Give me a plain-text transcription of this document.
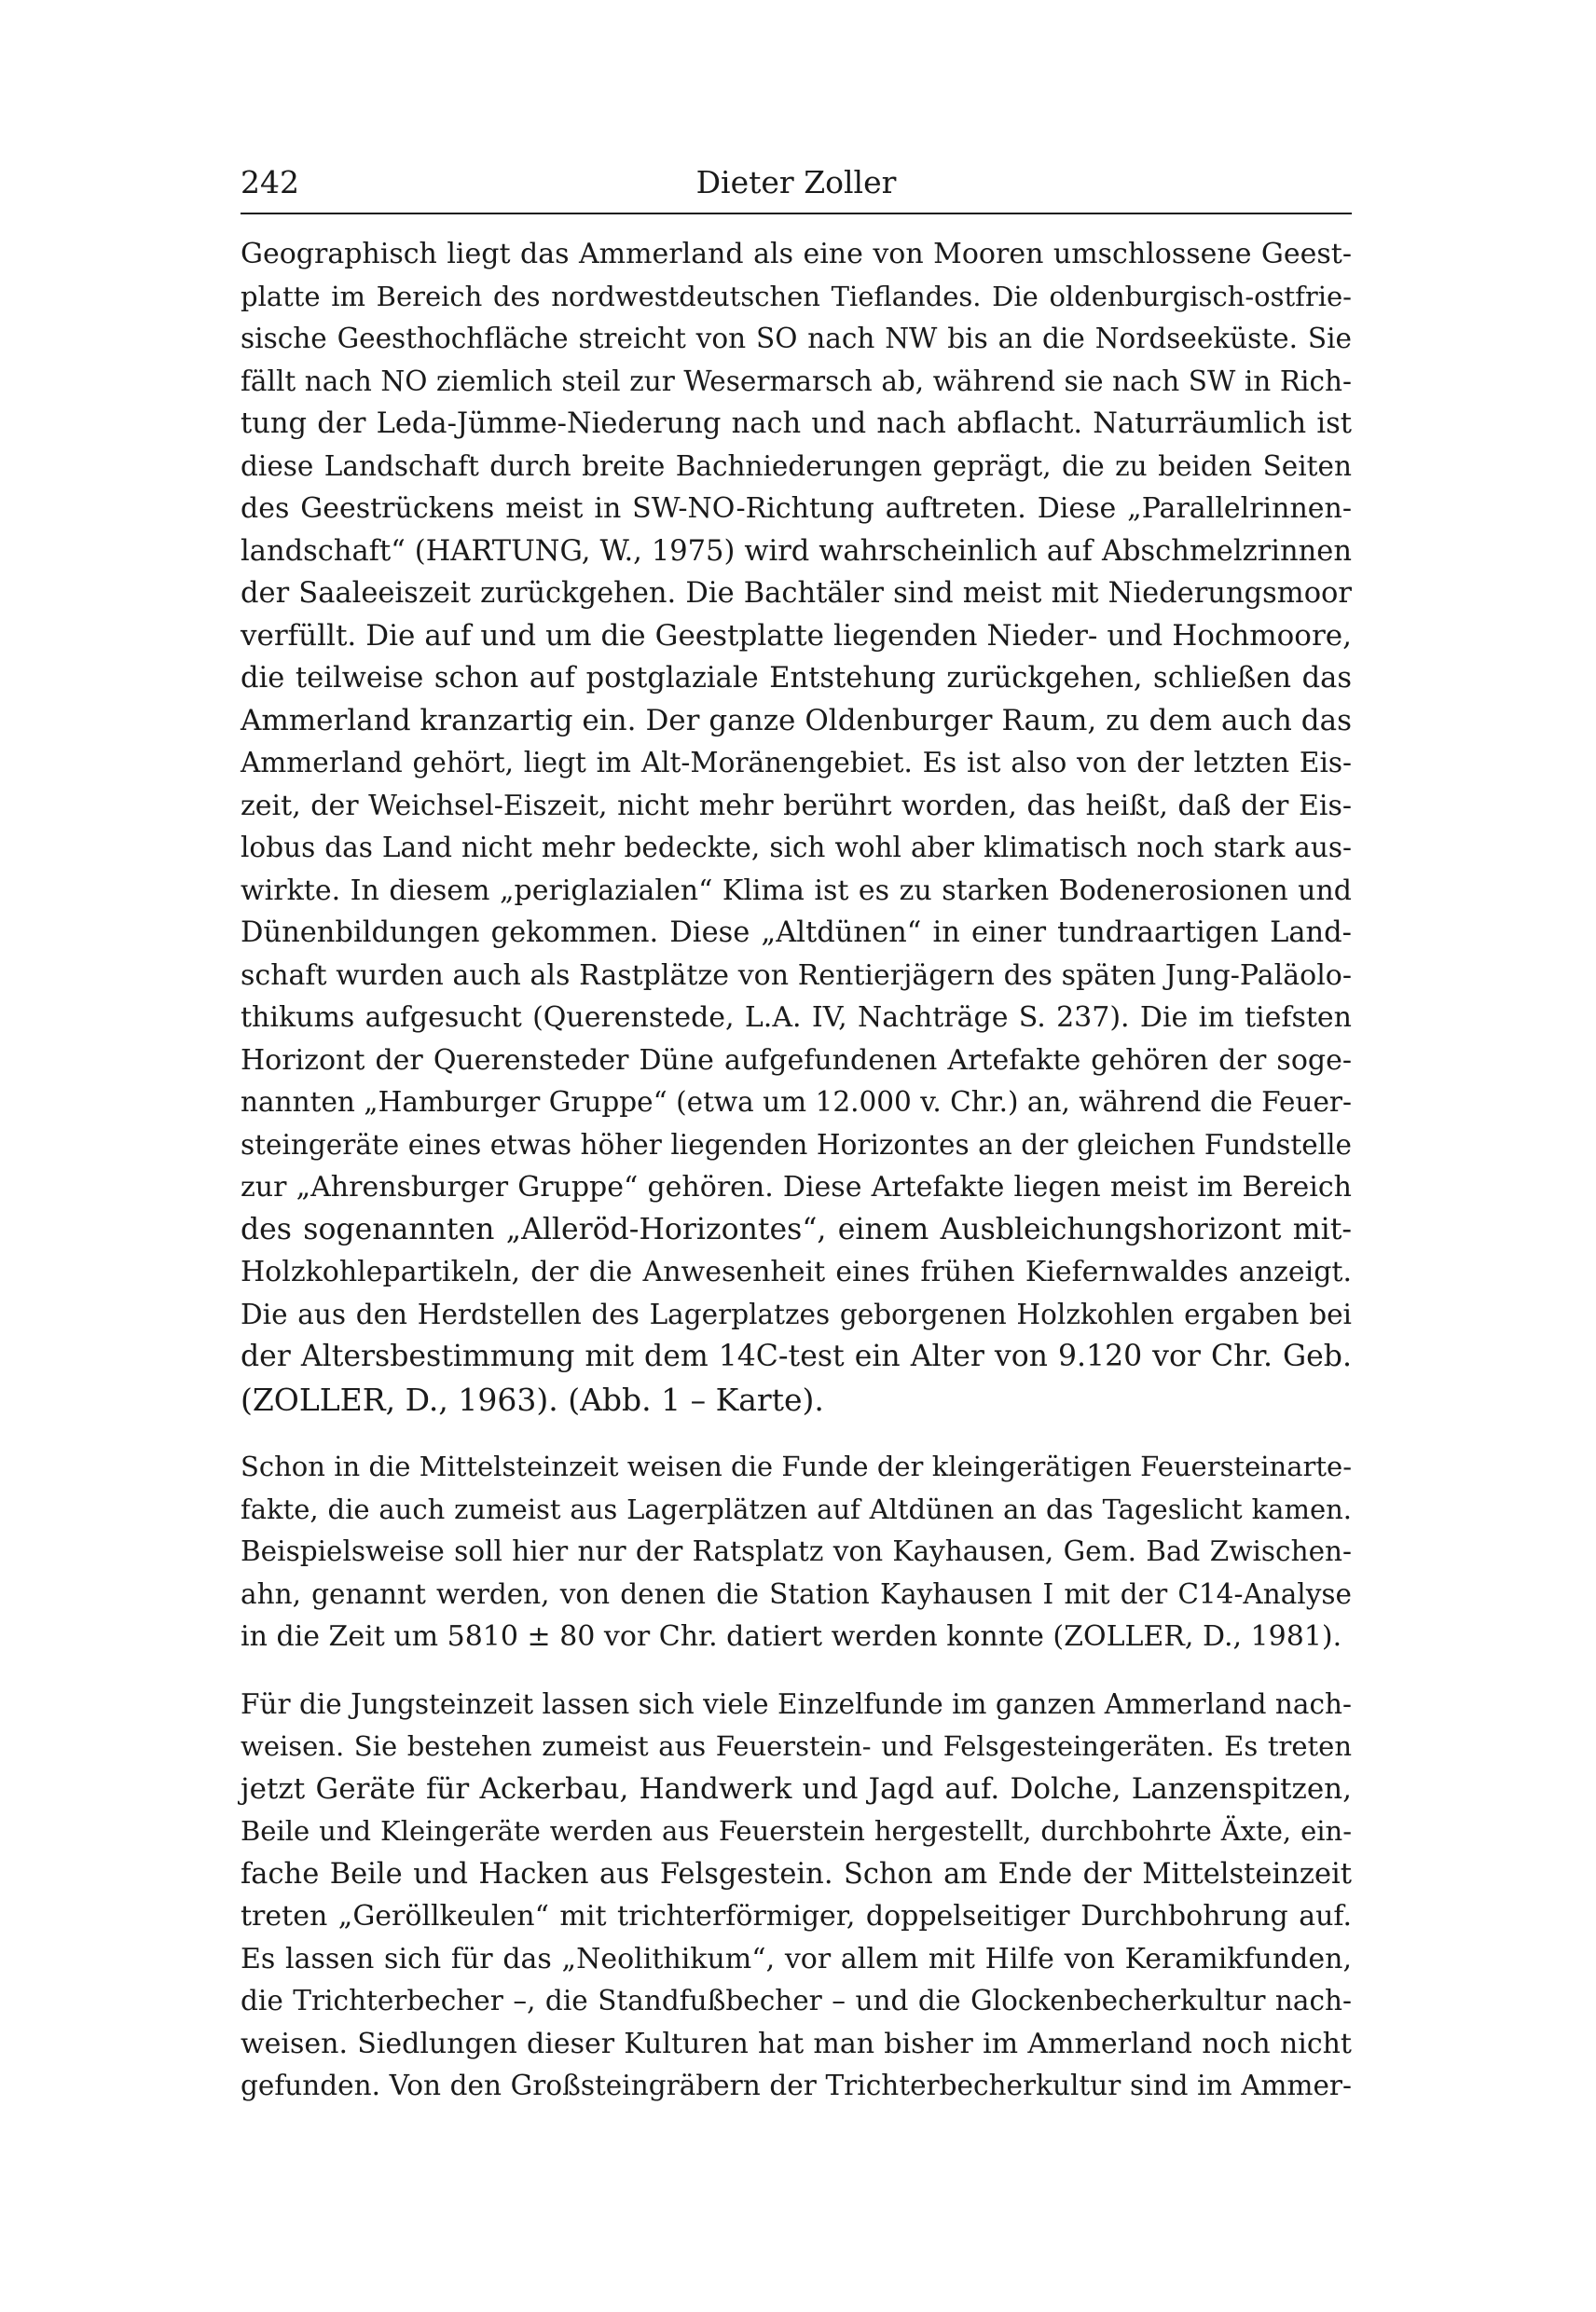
242	Dieter Zoller

Geographisch liegt das Ammerland als eine von Mooren umschlossene Geest-
platte im Bereich des nordwestdeutschen Tieflandes. Die oldenburgisch-ostfrie-
sische Geesthochfläche streicht von SO nach NW bis an die Nordseeküste. Sie
fällt nach NO ziemlich steil zur Wesermarsch ab, während sie nach SW in Rich-
tung der Leda-Jümme-Niederung nach und nach abflacht. Naturräumlich ist
diese Landschaft durch breite Bachniederungen geprägt, die zu beiden Seiten
des Geestrückens meist in SW-NO-Richtung auftreten. Diese „Parallelrinnen-
landschaft“ (HARTUNG, W., 1975) wird wahrscheinlich auf Abschmelzrinnen
der Saaleeiszeit zurückgehen. Die Bachtäler sind meist mit Niederungsmoor
verfüllt. Die auf und um die Geestplatte liegenden Nieder- und Hochmoore,
die teilweise schon auf postglaziale Entstehung zurückgehen, schließen das
Ammerland kranzartig ein. Der ganze Oldenburger Raum, zu dem auch das
Ammerland gehört, liegt im Alt-Moränengebiet. Es ist also von der letzten Eis-
zeit, der Weichsel-Eiszeit, nicht mehr berührt worden, das heißt, daß der Eis-
lobus das Land nicht mehr bedeckte, sich wohl aber klimatisch noch stark aus-
wirkte. In diesem „periglazialen“ Klima ist es zu starken Bodenerosionen und
Dünenbildungen gekommen. Diese „Altdünen“ in einer tundraartigen Land-
schaft wurden auch als Rastplätze von Rentierjägern des späten Jung-Paläolo-
thikums aufgesucht (Querenstede, L.A. IV, Nachträge S. 237). Die im tiefsten
Horizont der Querensteder Düne aufgefundenen Artefakte gehören der soge-
nannten „Hamburger Gruppe“ (etwa um 12.000 v. Chr.) an, während die Feuer-
steingeräte eines etwas höher liegenden Horizontes an der gleichen Fundstelle
zur „Ahrensburger Gruppe“ gehören. Diese Artefakte liegen meist im Bereich
des sogenannten „Alleröd-Horizontes“, einem Ausbleichungshorizont mit-
Holzkohlepartikeln, der die Anwesenheit eines frühen Kiefernwaldes anzeigt.
Die aus den Herdstellen des Lagerplatzes geborgenen Holzkohlen ergaben bei
der Altersbestimmung mit dem 14C-test ein Alter von 9.120 vor Chr. Geb.
(ZOLLER, D., 1963). (Abb. 1 – Karte).

Schon in die Mittelsteinzeit weisen die Funde der kleingerätigen Feuersteinarte-
fakte, die auch zumeist aus Lagerplätzen auf Altdünen an das Tageslicht kamen.
Beispielsweise soll hier nur der Ratsplatz von Kayhausen, Gem. Bad Zwischen-
ahn, genannt werden, von denen die Station Kayhausen I mit der C14-Analyse
in die Zeit um 5810 ± 80 vor Chr. datiert werden konnte (ZOLLER, D., 1981).

Für die Jungsteinzeit lassen sich viele Einzelfunde im ganzen Ammerland nach-
weisen. Sie bestehen zumeist aus Feuerstein- und Felsgesteingeräten. Es treten
jetzt Geräte für Ackerbau, Handwerk und Jagd auf. Dolche, Lanzenspitzen,
Beile und Kleingeräte werden aus Feuerstein hergestellt, durchbohrte Äxte, ein-
fache Beile und Hacken aus Felsgestein. Schon am Ende der Mittelsteinzeit
treten „Geröllkeulen“ mit trichterförmiger, doppelseitiger Durchbohrung auf.
Es lassen sich für das „Neolithikum“, vor allem mit Hilfe von Keramikfunden,
die Trichterbecher –, die Standfußbecher – und die Glockenbecherkultur nach-
weisen. Siedlungen dieser Kulturen hat man bisher im Ammerland noch nicht
gefunden. Von den Großsteingräbern der Trichterbecherkultur sind im Ammer-
